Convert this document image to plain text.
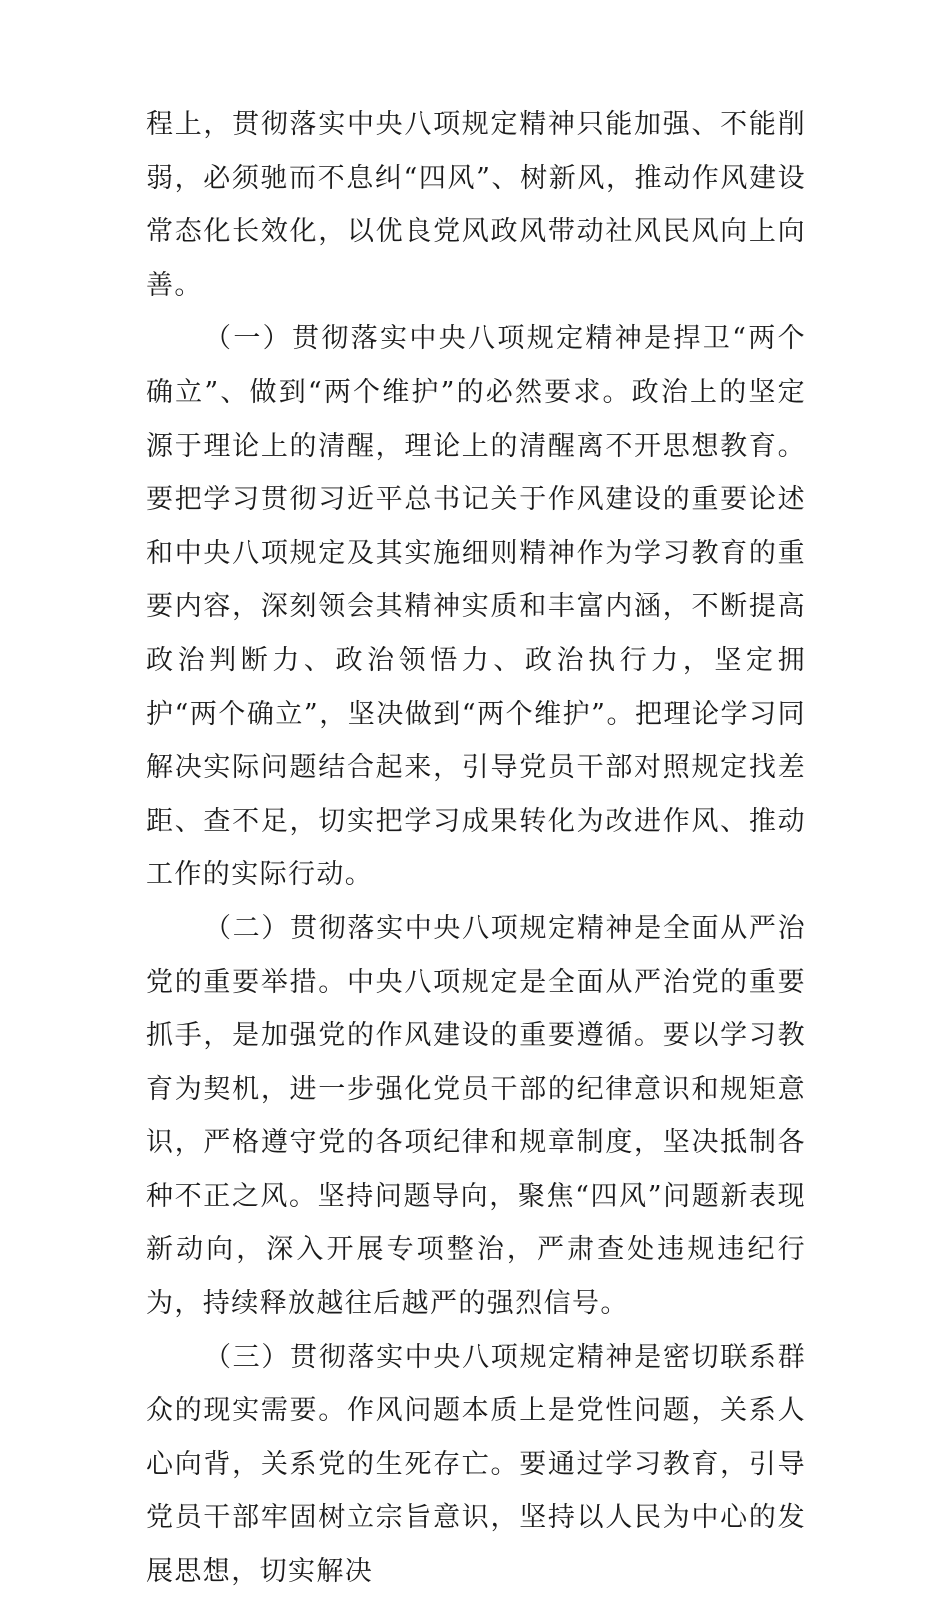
程上，贯彻落实中央八项规定精神只能加强、不能削弱，必须驰而不息纠“四风”、树新风，推动作风建设常态化长效化，以优良党风政风带动社风民风向上向善。

（一）贯彻落实中央八项规定精神是捍卫“两个确立”、做到“两个维护”的必然要求。政治上的坚定源于理论上的清醒，理论上的清醒离不开思想教育。要把学习贯彻习近平总书记关于作风建设的重要论述和中央八项规定及其实施细则精神作为学习教育的重要内容，深刻领会其精神实质和丰富内涵，不断提高政治判断力、政治领悟力、政治执行力，坚定拥护“两个确立”，坚决做到“两个维护”。把理论学习同解决实际问题结合起来，引导党员干部对照规定找差距、查不足，切实把学习成果转化为改进作风、推动工作的实际行动。

（二）贯彻落实中央八项规定精神是全面从严治党的重要举措。中央八项规定是全面从严治党的重要抓手，是加强党的作风建设的重要遵循。要以学习教育为契机，进一步强化党员干部的纪律意识和规矩意识，严格遵守党的各项纪律和规章制度，坚决抵制各种不正之风。坚持问题导向，聚焦“四风”问题新表现新动向，深入开展专项整治，严肃查处违规违纪行为，持续释放越往后越严的强烈信号。

（三）贯彻落实中央八项规定精神是密切联系群众的现实需要。作风问题本质上是党性问题，关系人心向背，关系党的生死存亡。要通过学习教育，引导党员干部牢固树立宗旨意识，坚持以人民为中心的发展思想，切实解决
